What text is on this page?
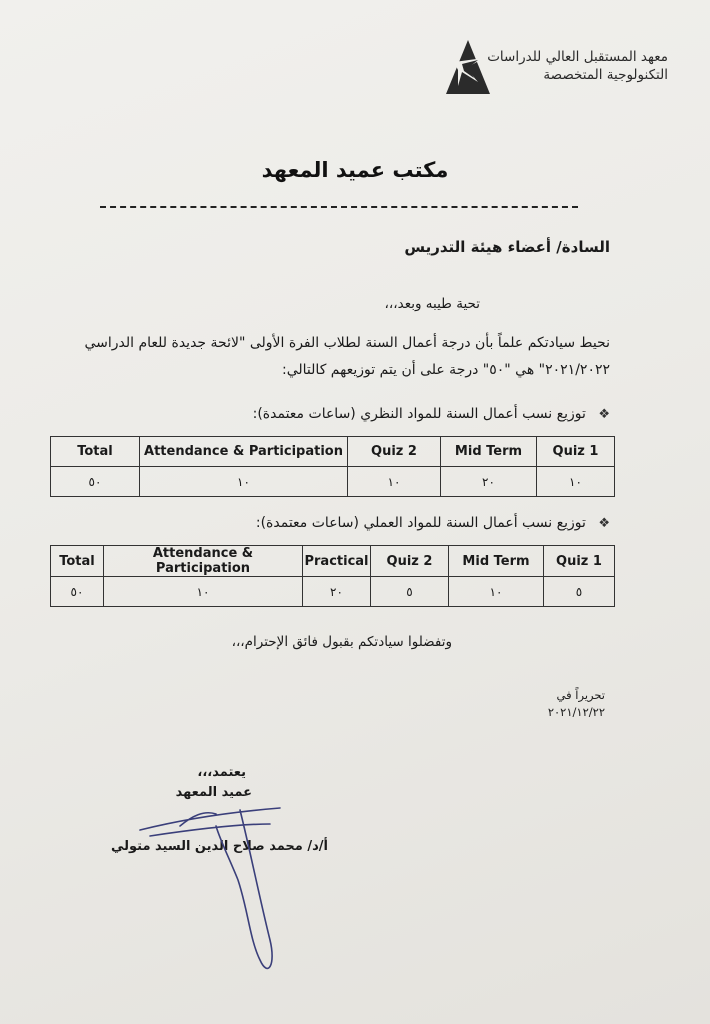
معهد المستقبل العالي للدراسات
التكنولوجية المتخصصة
مكتب عميد المعهد
السادة/ أعضاء هيئة التدريس
تحية طيبه وبعد،،،
نحيط سيادتكم علماً بأن درجة أعمال السنة لطلاب الفرة الأولى "لائحة جديدة للعام الدراسي
٢٠٢١/٢٠٢٢" هي "٥٠" درجة على أن يتم توزيعهم كالتالي:
❖ توزيع نسب أعمال السنة للمواد النظري (ساعات معتمدة):
Total	Attendance & Participation	Quiz 2	Mid Term	Quiz 1
٥٠	١٠	١٠	٢٠	١٠
❖ توزيع نسب أعمال السنة للمواد العملي (ساعات معتمدة):
Total	Attendance & Participation	Practical	Quiz 2	Mid Term	Quiz 1
٥٠	١٠	٢٠	٥	١٠	٥
وتفضلوا سيادتكم بقبول فائق الإحترام،،،
تحريراً في
٢٠٢١/١٢/٢٢
يعتمد،،،
عميد المعهد
أ/د/ محمد صلاح الدين السيد متولي
